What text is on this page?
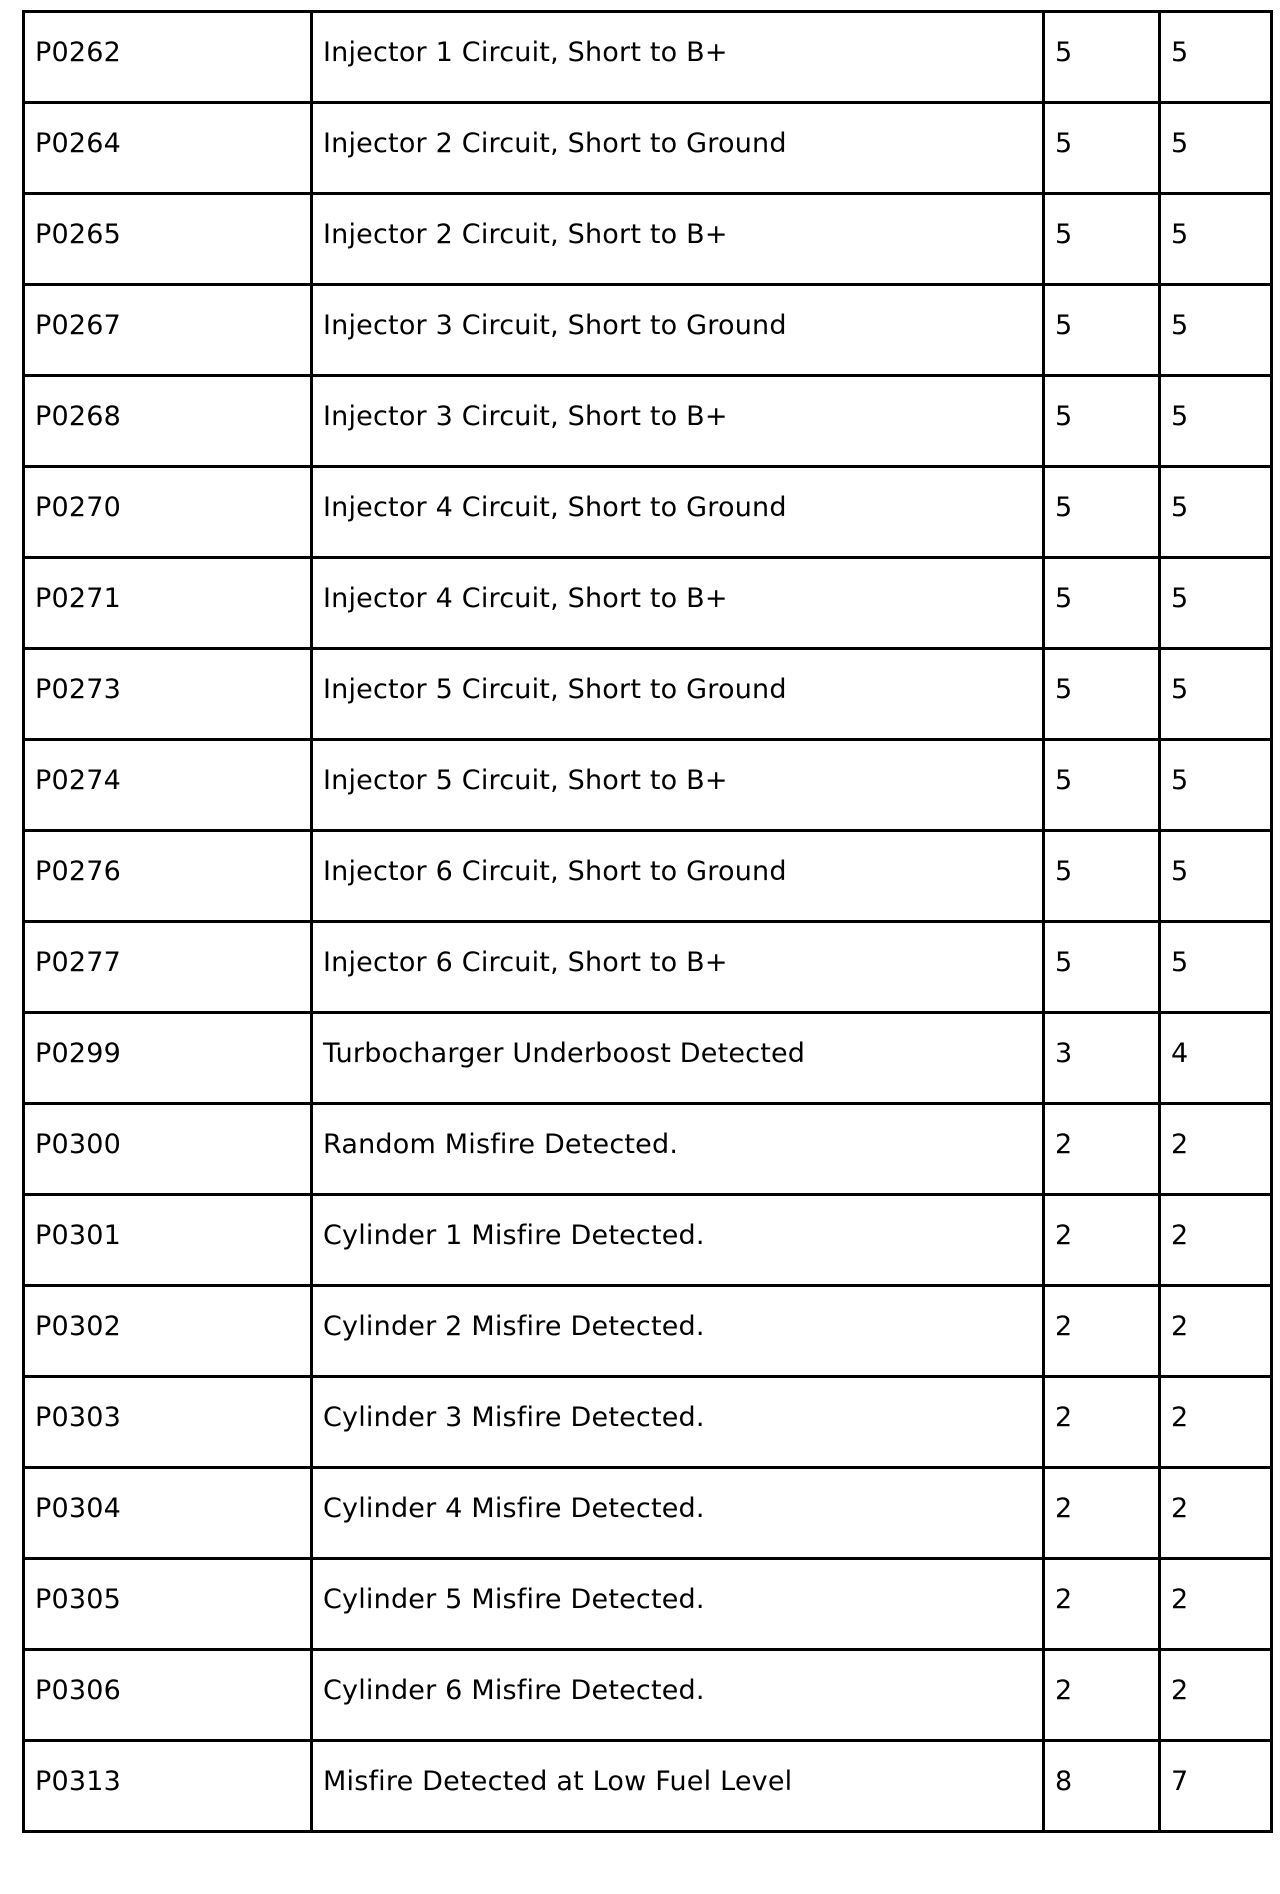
P0262	Injector 1 Circuit, Short to B+	5	5

P0264	Injector 2 Circuit, Short to Ground	5	5

P0265	Injector 2 Circuit, Short to B+	5	5

P0267	Injector 3 Circuit, Short to Ground	5	5

P0268	Injector 3 Circuit, Short to B+	5	5

P0270	Injector 4 Circuit, Short to Ground	5	5

P0271	Injector 4 Circuit, Short to B+	5	5

P0273	Injector 5 Circuit, Short to Ground	5	5

P0274	Injector 5 Circuit, Short to B+	5	5

P0276	Injector 6 Circuit, Short to Ground	5	5

P0277	Injector 6 Circuit, Short to B+	5	5

P0299	Turbocharger Underboost Detected	3	4

P0300	Random Misfire Detected.	2	2

P0301	Cylinder 1 Misfire Detected.	2	2

P0302	Cylinder 2 Misfire Detected.	2	2

P0303	Cylinder 3 Misfire Detected.	2	2

P0304	Cylinder 4 Misfire Detected.	2	2

P0305	Cylinder 5 Misfire Detected.	2	2

P0306	Cylinder 6 Misfire Detected.	2	2

P0313	Misfire Detected at Low Fuel Level	8	7
